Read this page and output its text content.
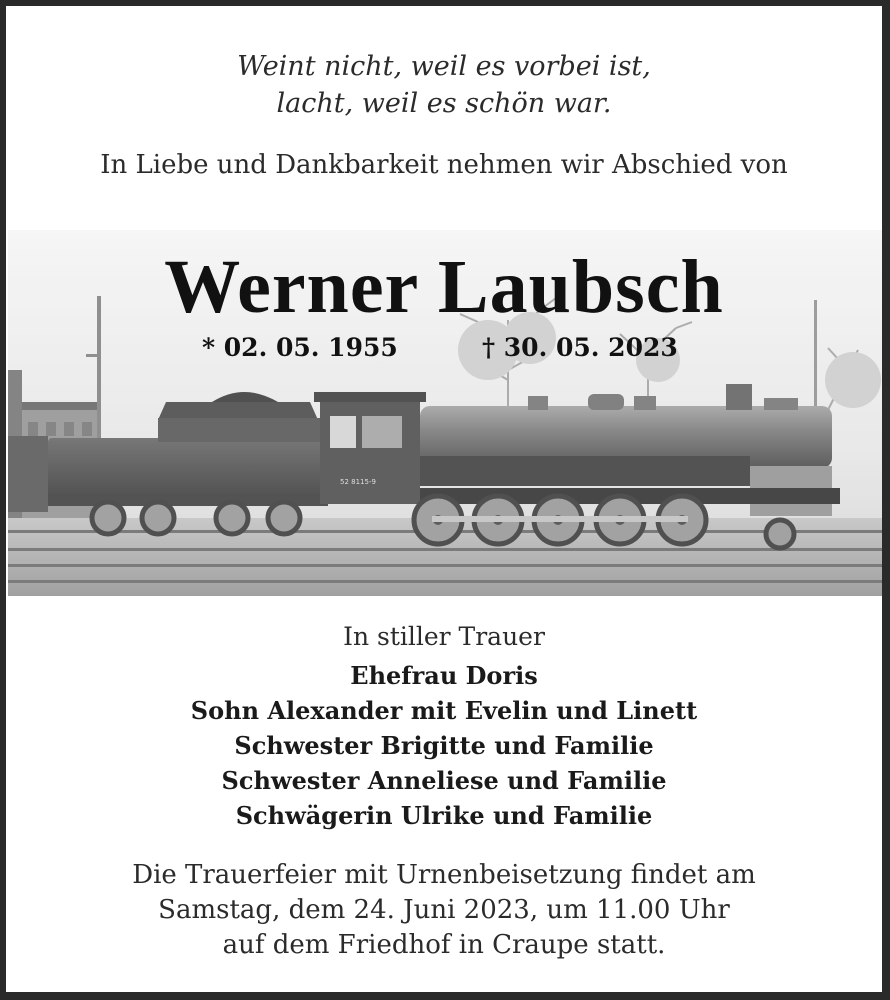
Weint nicht, weil es vorbei ist,
lacht, weil es schön war.
In Liebe und Dankbarkeit nehmen wir Abschied von
52 8115-9
Werner Laubsch
* 02. 05. 1955	† 30. 05. 2023
In stiller Trauer
Ehefrau Doris
Sohn Alexander mit Evelin und Linett
Schwester Brigitte und Familie
Schwester Anneliese und Familie
Schwägerin Ulrike und Familie
Die Trauerfeier mit Urnenbeisetzung findet am
Samstag, dem 24. Juni 2023, um 11.00 Uhr
auf dem Friedhof in Craupe statt.
